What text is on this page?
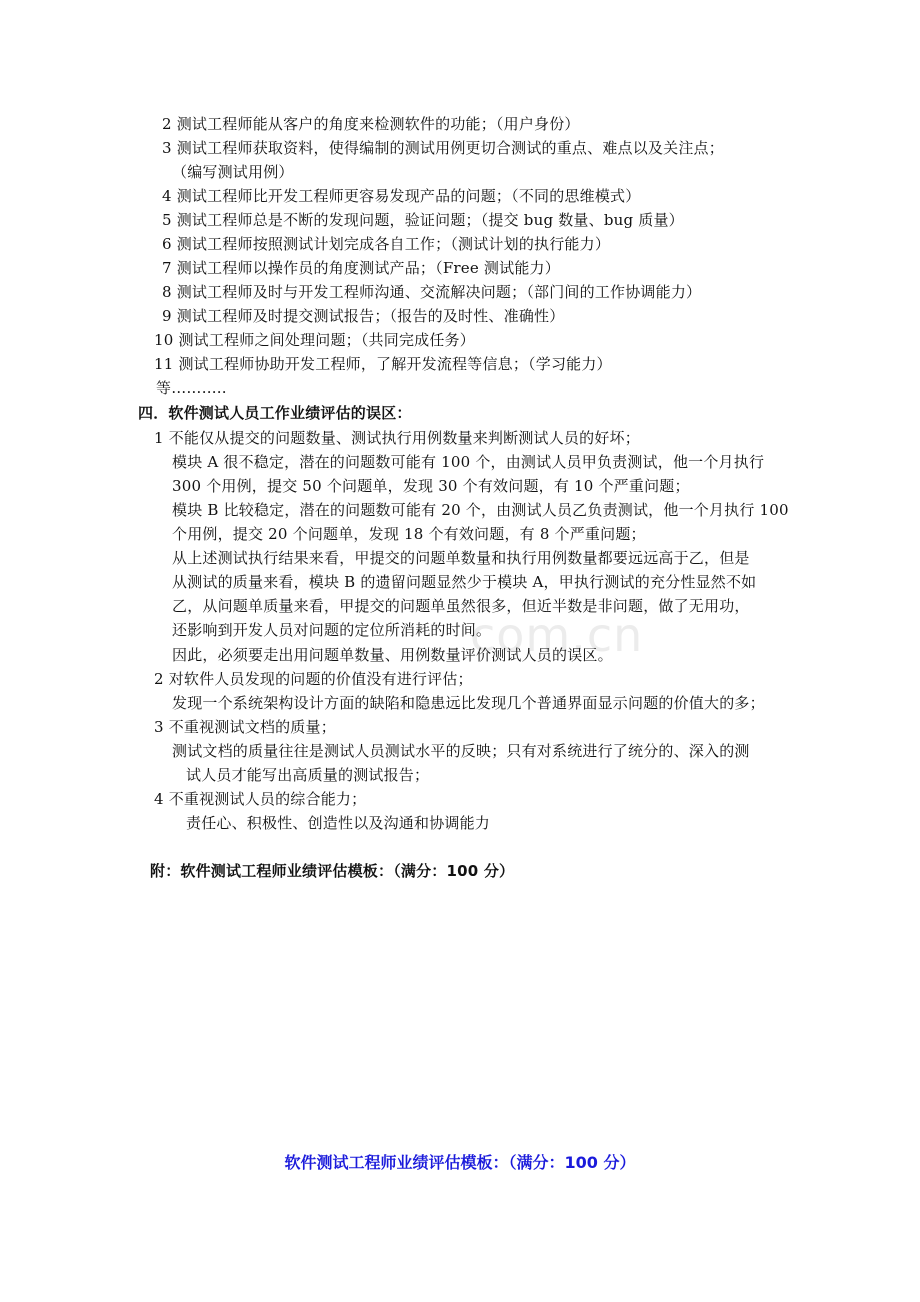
com.cn
2 测试工程师能从客户的角度来检测软件的功能；（用户身份）
3 测试工程师获取资料，使得编制的测试用例更切合测试的重点、难点以及关注点；
（编写测试用例）
4 测试工程师比开发工程师更容易发现产品的问题；（不同的思维模式）
5 测试工程师总是不断的发现问题，验证问题；（提交 bug 数量、bug 质量）
6 测试工程师按照测试计划完成各自工作；（测试计划的执行能力）
7 测试工程师以操作员的角度测试产品；（Free 测试能力）
8 测试工程师及时与开发工程师沟通、交流解决问题；（部门间的工作协调能力）
9 测试工程师及时提交测试报告；（报告的及时性、准确性）
10 测试工程师之间处理问题；（共同完成任务）
11 测试工程师协助开发工程师，了解开发流程等信息；（学习能力）
等………..
四．软件测试人员工作业绩评估的误区：
1 不能仅从提交的问题数量、测试执行用例数量来判断测试人员的好坏；
模块 A 很不稳定，潜在的问题数可能有 100 个，由测试人员甲负责测试，他一个月执行
300 个用例，提交 50 个问题单，发现 30 个有效问题，有 10 个严重问题；
模块 B 比较稳定，潜在的问题数可能有 20 个，由测试人员乙负责测试，他一个月执行 100
个用例，提交 20 个问题单，发现 18 个有效问题，有 8 个严重问题；
从上述测试执行结果来看，甲提交的问题单数量和执行用例数量都要远远高于乙，但是
从测试的质量来看，模块 B 的遗留问题显然少于模块 A，甲执行测试的充分性显然不如
乙，从问题单质量来看，甲提交的问题单虽然很多，但近半数是非问题，做了无用功，
还影响到开发人员对问题的定位所消耗的时间。
因此，必须要走出用问题单数量、用例数量评价测试人员的误区。
2 对软件人员发现的问题的价值没有进行评估；
发现一个系统架构设计方面的缺陷和隐患远比发现几个普通界面显示问题的价值大的多；
3 不重视测试文档的质量；
测试文档的质量往往是测试人员测试水平的反映；只有对系统进行了统分的、深入的测
试人员才能写出高质量的测试报告；
4 不重视测试人员的综合能力；
责任心、积极性、创造性以及沟通和协调能力
附：软件测试工程师业绩评估模板：（满分：100 分）
软件测试工程师业绩评估模板：（满分：100 分）
